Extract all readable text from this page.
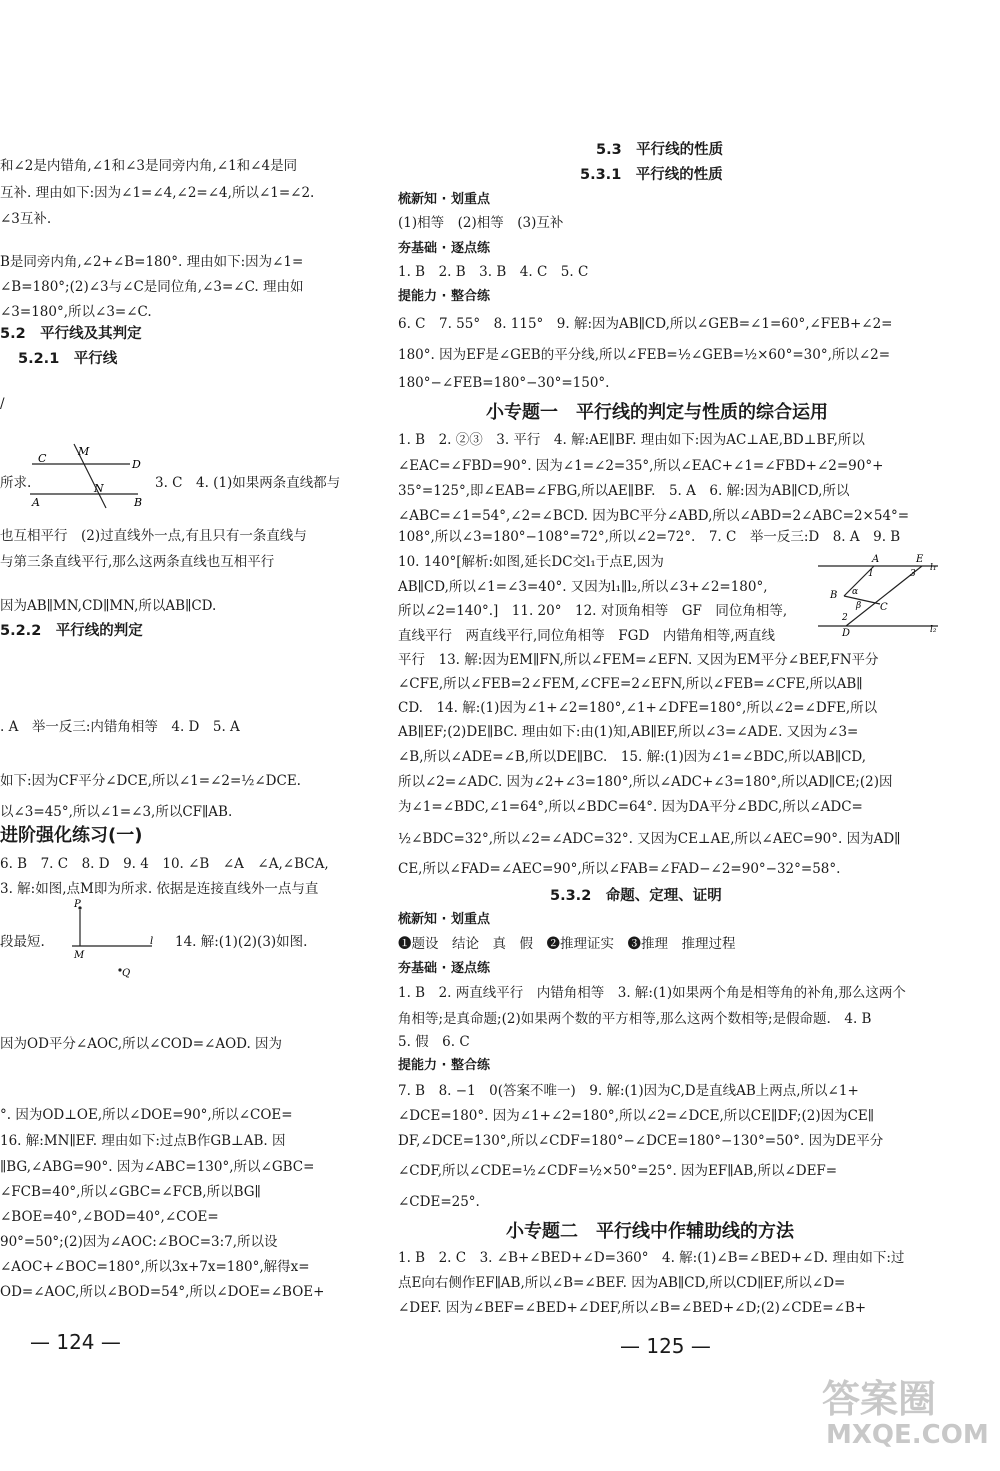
和∠2是内错角,∠1和∠3是同旁内角,∠1和∠4是同
互补. 理由如下:因为∠1=∠4,∠2=∠4,所以∠1=∠2.
∠3互补.
B是同旁内角,∠2+∠B=180°. 理由如下:因为∠1=
∠B=180°;(2)∠3与∠C是同位角,∠3=∠C. 理由如
∠3=180°,所以∠3=∠C.
5.2　平行线及其判定
5.2.1　平行线
/
M
C	D
A
N
B
所求.	3. C　4. (1)如果两条直线都与
也互相平行　(2)过直线外一点,有且只有一条直线与
与第三条直线平行,那么这两条直线也互相平行
因为AB∥MN,CD∥MN,所以AB∥CD.
5.2.2　平行线的判定
. A　举一反三:内错角相等　4. D　5. A
如下:因为CF平分∠DCE,所以∠1=∠2=½∠DCE.
以∠3=45°,所以∠1=∠3,所以CF∥AB.
进阶强化练习(一)
6. B　7. C　8. D　9. 4　10. ∠B　∠A　∠A,∠BCA,
3. 解:如图,点M即为所求. 依据是连接直线外一点与直
P
M
l
Q
段最短.	14. 解:(1)(2)(3)如图.
因为OD平分∠AOC,所以∠COD=∠AOD. 因为
°. 因为OD⊥OE,所以∠DOE=90°,所以∠COE=
16. 解:MN∥EF. 理由如下:过点B作GB⊥AB. 因
∥BG,∠ABG=90°. 因为∠ABC=130°,所以∠GBC=
∠FCB=40°,所以∠GBC=∠FCB,所以BG∥
∠BOE=40°,∠BOD=40°,∠COE=
90°=50°;(2)因为∠AOC:∠BOC=3:7,所以设
∠AOC+∠BOC=180°,所以3x+7x=180°,解得x=
OD=∠AOC,所以∠BOD=54°,所以∠DOE=∠BOE+
— 124 —
5.3　平行线的性质
5.3.1　平行线的性质
梳新知 · 划重点
(1)相等　(2)相等　(3)互补
夯基础 · 逐点练
1. B　2. B　3. B　4. C　5. C
提能力 · 整合练
6. C　7. 55°　8. 115°　9. 解:因为AB∥CD,所以∠GEB=∠1=60°,∠FEB+∠2=
180°. 因为EF是∠GEB的平分线,所以∠FEB=½∠GEB=½×60°=30°,所以∠2=
180°−∠FEB=180°−30°=150°.
小专题一　平行线的判定与性质的综合运用
1. B　2. ②③　3. 平行　4. 解:AE∥BF. 理由如下:因为AC⊥AE,BD⊥BF,所以
∠EAC=∠FBD=90°. 因为∠1=∠2=35°,所以∠EAC+∠1=∠FBD+∠2=90°+
35°=125°,即∠EAB=∠FBG,所以AE∥BF.　5. A　6. 解:因为AB∥CD,所以
∠ABC=∠1=54°,∠2=∠BCD. 因为BC平分∠ABD,所以∠ABD=2∠ABC=2×54°=
108°,所以∠3=180°−108°=72°,所以∠2=72°.　7. C　举一反三:D　8. A　9. B
10. 140°[解析:如图,延长DC交l₁于点E,因为
AB∥CD,所以∠1=∠3=40°. 又因为l₁∥l₂,所以∠3+∠2=180°,
所以∠2=140°.]　11. 20°　12. 对顶角相等　GF　同位角相等,
A	E
l₁
1	3
α
β
B
C
2
D	l₂
直线平行　两直线平行,同位角相等　FGD　内错角相等,两直线
平行　13. 解:因为EM∥FN,所以∠FEM=∠EFN. 又因为EM平分∠BEF,FN平分
∠CFE,所以∠FEB=2∠FEM,∠CFE=2∠EFN,所以∠FEB=∠CFE,所以AB∥
CD.　14. 解:(1)因为∠1+∠2=180°,∠1+∠DFE=180°,所以∠2=∠DFE,所以
AB∥EF;(2)DE∥BC. 理由如下:由(1)知,AB∥EF,所以∠3=∠ADE. 又因为∠3=
∠B,所以∠ADE=∠B,所以DE∥BC.　15. 解:(1)因为∠1=∠BDC,所以AB∥CD,
所以∠2=∠ADC. 因为∠2+∠3=180°,所以∠ADC+∠3=180°,所以AD∥CE;(2)因
为∠1=∠BDC,∠1=64°,所以∠BDC=64°. 因为DA平分∠BDC,所以∠ADC=
½∠BDC=32°,所以∠2=∠ADC=32°. 又因为CE⊥AE,所以∠AEC=90°. 因为AD∥
CE,所以∠FAD=∠AEC=90°,所以∠FAB=∠FAD−∠2=90°−32°=58°.
5.3.2　命题、定理、证明
梳新知 · 划重点
❶题设　结论　真　假　❷推理证实　❸推理　推理过程
夯基础 · 逐点练
1. B　2. 两直线平行　内错角相等　3. 解:(1)如果两个角是相等角的补角,那么这两个
角相等;是真命题;(2)如果两个数的平方相等,那么这两个数相等;是假命题.　4. B
5. 假　6. C
提能力 · 整合练
7. B　8. −1　0(答案不唯一)　9. 解:(1)因为C,D是直线AB上两点,所以∠1+
∠DCE=180°. 因为∠1+∠2=180°,所以∠2=∠DCE,所以CE∥DF;(2)因为CE∥
DF,∠DCE=130°,所以∠CDF=180°−∠DCE=180°−130°=50°. 因为DE平分
∠CDF,所以∠CDE=½∠CDF=½×50°=25°. 因为EF∥AB,所以∠DEF=
∠CDE=25°.
小专题二　平行线中作辅助线的方法
1. B　2. C　3. ∠B+∠BED+∠D=360°　4. 解:(1)∠B=∠BED+∠D. 理由如下:过
点E向右侧作EF∥AB,所以∠B=∠BEF. 因为AB∥CD,所以CD∥EF,所以∠D=
∠DEF. 因为∠BEF=∠BED+∠DEF,所以∠B=∠BED+∠D;(2)∠CDE=∠B+
— 125 —
答案圈
MXQE.COM
